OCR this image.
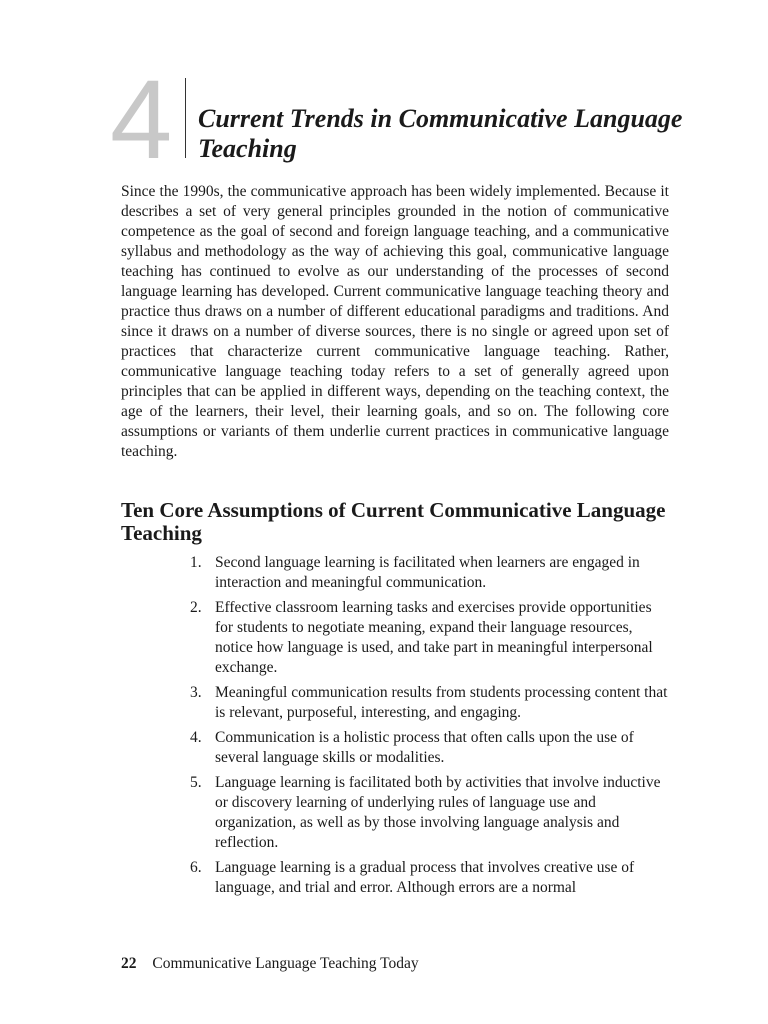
4 Current Trends in Communicative Language Teaching

Since the 1990s, the communicative approach has been widely implemented. Because it describes a set of very general principles grounded in the notion of communicative competence as the goal of second and foreign language teaching, and a communicative syllabus and methodology as the way of achieving this goal, communicative language teaching has continued to evolve as our understanding of the processes of second language learning has developed. Current communicative language teaching theory and practice thus draws on a number of different educational paradigms and traditions. And since it draws on a number of diverse sources, there is no single or agreed upon set of practices that characterize current communicative language teaching. Rather, communicative language teaching today refers to a set of generally agreed upon principles that can be applied in different ways, depending on the teaching context, the age of the learners, their level, their learning goals, and so on. The following core assumptions or variants of them underlie current practices in communicative language teaching.

Ten Core Assumptions of Current Communicative Language Teaching
1. Second language learning is facilitated when learners are engaged in interaction and meaningful communication.
2. Effective classroom learning tasks and exercises provide opportunities for students to negotiate meaning, expand their language resources, notice how language is used, and take part in meaningful interpersonal exchange.
3. Meaningful communication results from students processing content that is relevant, purposeful, interesting, and engaging.
4. Communication is a holistic process that often calls upon the use of several language skills or modalities.
5. Language learning is facilitated both by activities that involve inductive or discovery learning of underlying rules of language use and organization, as well as by those involving language analysis and reflection.
6. Language learning is a gradual process that involves creative use of language, and trial and error. Although errors are a normal
22 Communicative Language Teaching Today
